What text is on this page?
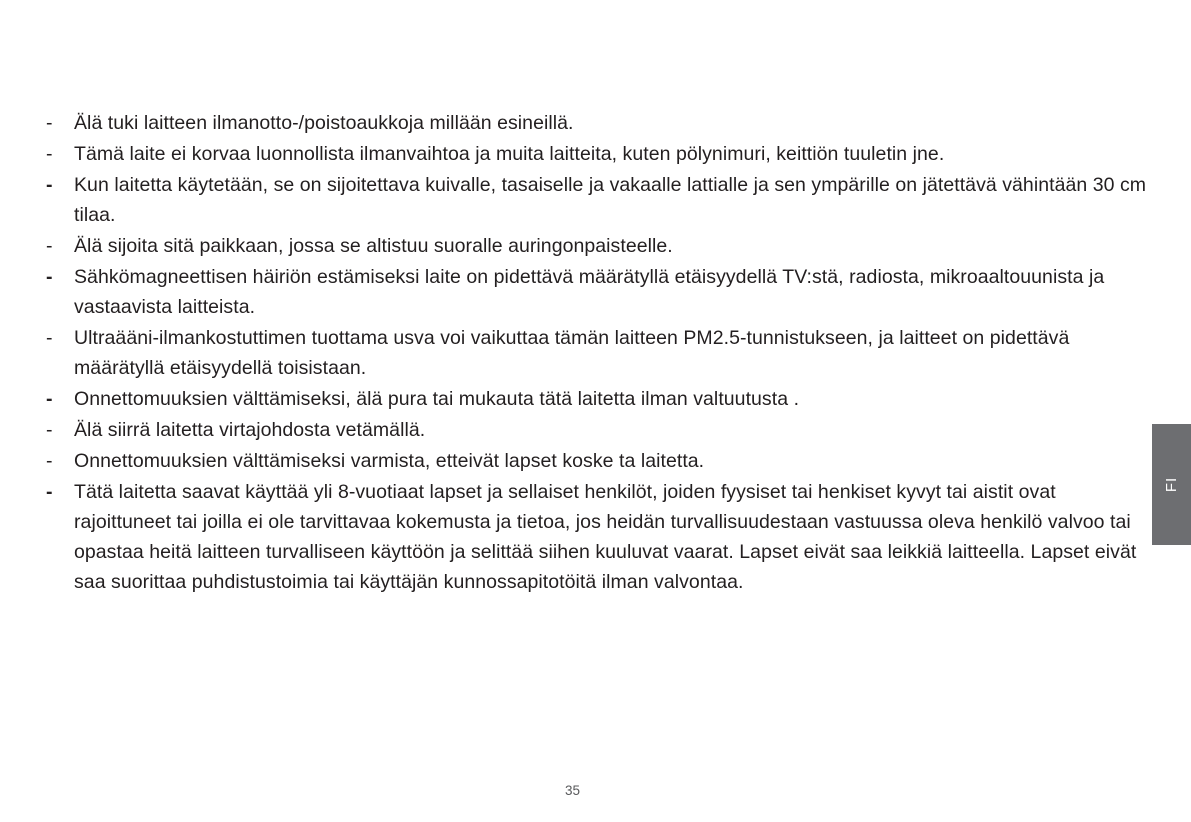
-	Älä tuki laitteen ilmanotto-/poistoaukkoja millään esineillä.
-	Tämä laite ei korvaa luonnollista ilmanvaihtoa ja muita laitteita, kuten pölynimuri, keittiön tuuletin jne.
-	Kun laitetta käytetään, se on sijoitettava kuivalle, tasaiselle ja vakaalle lattialle ja sen ympärille on jätettävä vähintään 30 cm tilaa.
-	Älä sijoita sitä paikkaan, jossa se altistuu suoralle auringonpaisteelle.
-	Sähkömagneettisen häiriön estämiseksi laite on pidettävä määrätyllä etäisyydellä TV:stä, radiosta, mikroaaltouunista ja vastaavista laitteista.
-	Ultraääni-ilmankostuttimen tuottama usva voi vaikuttaa tämän laitteen PM2.5-tunnistukseen, ja laitteet on pidettävä määrätyllä etäisyydellä toisistaan.
-	Onnettomuuksien välttämiseksi, älä pura tai mukauta tätä laitetta ilman valtuutusta .
-	Älä siirrä laitetta virtajohdosta vetämällä.
-	Onnettomuuksien välttämiseksi varmista, etteivät lapset koske ta laitetta.
-	Tätä laitetta saavat käyttää yli 8-vuotiaat lapset ja sellaiset henkilöt, joiden fyysiset tai henkiset kyvyt tai aistit ovat rajoittuneet tai joilla ei ole tarvittavaa kokemusta ja tietoa, jos heidän turvallisuudestaan vastuussa oleva henkilö valvoo tai opastaa heitä laitteen turvalliseen käyttöön ja selittää siihen kuuluvat vaarat. Lapset eivät saa leikkiä laitteella. Lapset eivät saa suorittaa puhdistustoimia tai käyttäjän kunnossapitotöitä ilman valvontaa.
FI
35
